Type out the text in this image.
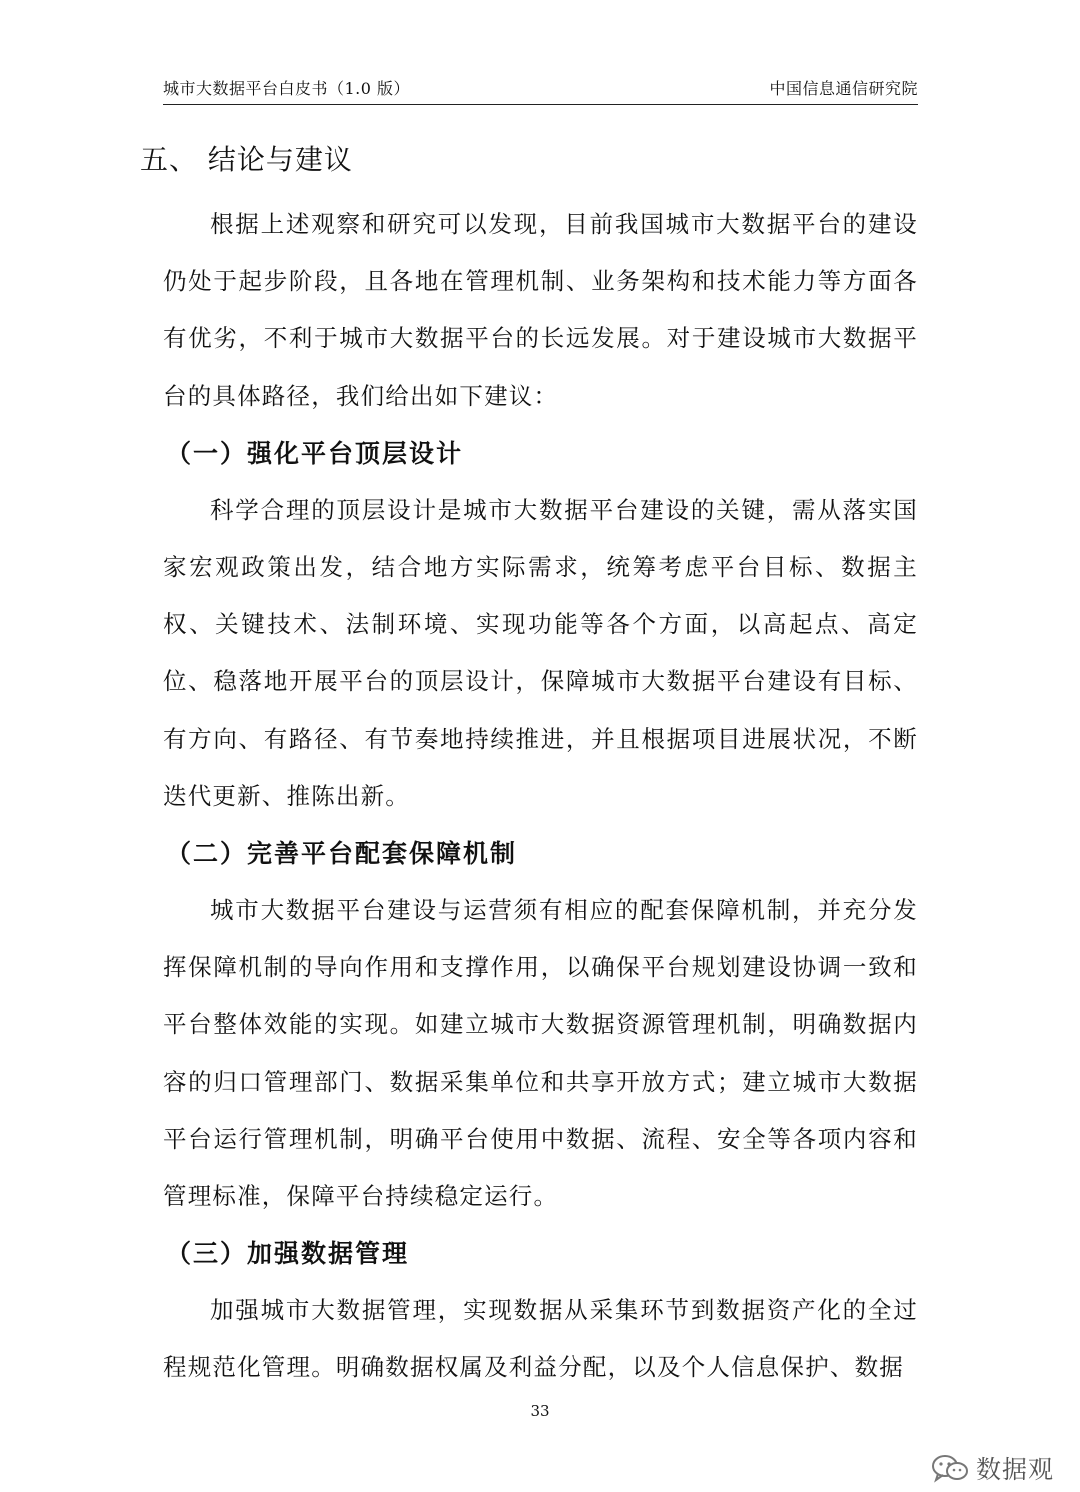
城市大数据平台白皮书（1.0 版）	中国信息通信研究院
五、 结论与建议

根据上述观察和研究可以发现，目前我国城市大数据平台的建设仍处于起步阶段，且各地在管理机制、业务架构和技术能力等方面各有优劣，不利于城市大数据平台的长远发展。对于建设城市大数据平台的具体路径，我们给出如下建议：

（一）强化平台顶层设计

科学合理的顶层设计是城市大数据平台建设的关键，需从落实国家宏观政策出发，结合地方实际需求，统筹考虑平台目标、数据主权、关键技术、法制环境、实现功能等各个方面，以高起点、高定位、稳落地开展平台的顶层设计，保障城市大数据平台建设有目标、有方向、有路径、有节奏地持续推进，并且根据项目进展状况，不断迭代更新、推陈出新。

（二）完善平台配套保障机制

城市大数据平台建设与运营须有相应的配套保障机制，并充分发挥保障机制的导向作用和支撑作用，以确保平台规划建设协调一致和平台整体效能的实现。如建立城市大数据资源管理机制，明确数据内容的归口管理部门、数据采集单位和共享开放方式；建立城市大数据平台运行管理机制，明确平台使用中数据、流程、安全等各项内容和管理标准，保障平台持续稳定运行。

（三）加强数据管理

加强城市大数据管理，实现数据从采集环节到数据资产化的全过程规范化管理。明确数据权属及利益分配，以及个人信息保护、数据

33
数据观
